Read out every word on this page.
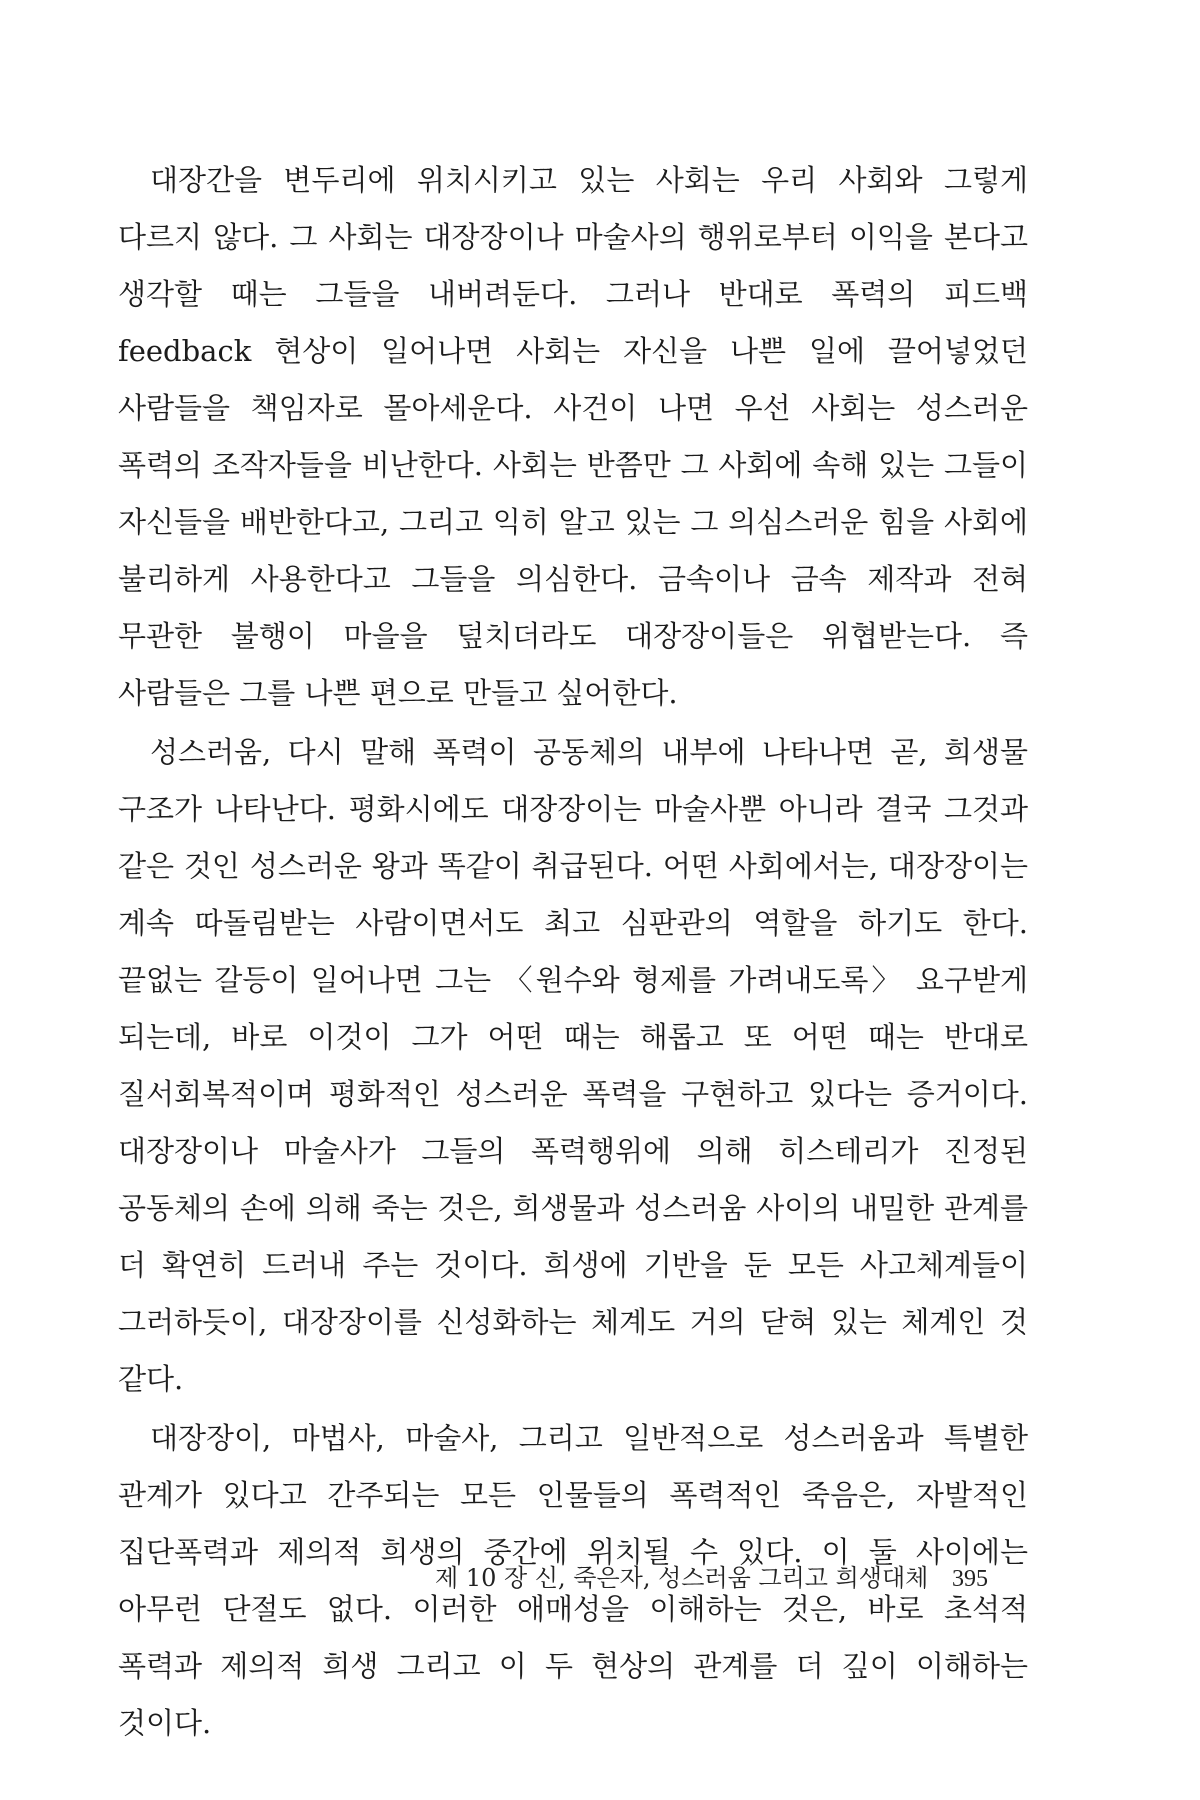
대장간을 변두리에 위치시키고 있는 사회는 우리 사회와 그렇게 다르지 않다. 그 사회는 대장장이나 마술사의 행위로부터 이익을 본다고 생각할 때는 그들을 내버려둔다. 그러나 반대로 폭력의 피드백 feedback 현상이 일어나면 사회는 자신을 나쁜 일에 끌어넣었던 사람들을 책임자로 몰아세운다. 사건이 나면 우선 사회는 성스러운 폭력의 조작자들을 비난한다. 사회는 반쯤만 그 사회에 속해 있는 그들이 자신들을 배반한다고, 그리고 익히 알고 있는 그 의심스러운 힘을 사회에 불리하게 사용한다고 그들을 의심한다. 금속이나 금속 제작과 전혀 무관한 불행이 마을을 덮치더라도 대장장이들은 위협받는다. 즉 사람들은 그를 나쁜 편으로 만들고 싶어한다.

성스러움, 다시 말해 폭력이 공동체의 내부에 나타나면 곧, 희생물 구조가 나타난다. 평화시에도 대장장이는 마술사뿐 아니라 결국 그것과 같은 것인 성스러운 왕과 똑같이 취급된다. 어떤 사회에서는, 대장장이는 계속 따돌림받는 사람이면서도 최고 심판관의 역할을 하기도 한다. 끝없는 갈등이 일어나면 그는 〈원수와 형제를 가려내도록〉 요구받게 되는데, 바로 이것이 그가 어떤 때는 해롭고 또 어떤 때는 반대로 질서회복적이며 평화적인 성스러운 폭력을 구현하고 있다는 증거이다. 대장장이나 마술사가 그들의 폭력행위에 의해 히스테리가 진정된 공동체의 손에 의해 죽는 것은, 희생물과 성스러움 사이의 내밀한 관계를 더 확연히 드러내 주는 것이다. 희생에 기반을 둔 모든 사고체계들이 그러하듯이, 대장장이를 신성화하는 체계도 거의 닫혀 있는 체계인 것 같다.

대장장이, 마법사, 마술사, 그리고 일반적으로 성스러움과 특별한 관계가 있다고 간주되는 모든 인물들의 폭력적인 죽음은, 자발적인 집단폭력과 제의적 희생의 중간에 위치될 수 있다. 이 둘 사이에는 아무런 단절도 없다. 이러한 애매성을 이해하는 것은, 바로 초석적 폭력과 제의적 희생 그리고 이 두 현상의 관계를 더 깊이 이해하는 것이다.

제 10 장 신, 죽은자, 성스러움 그리고 희생대체 395
